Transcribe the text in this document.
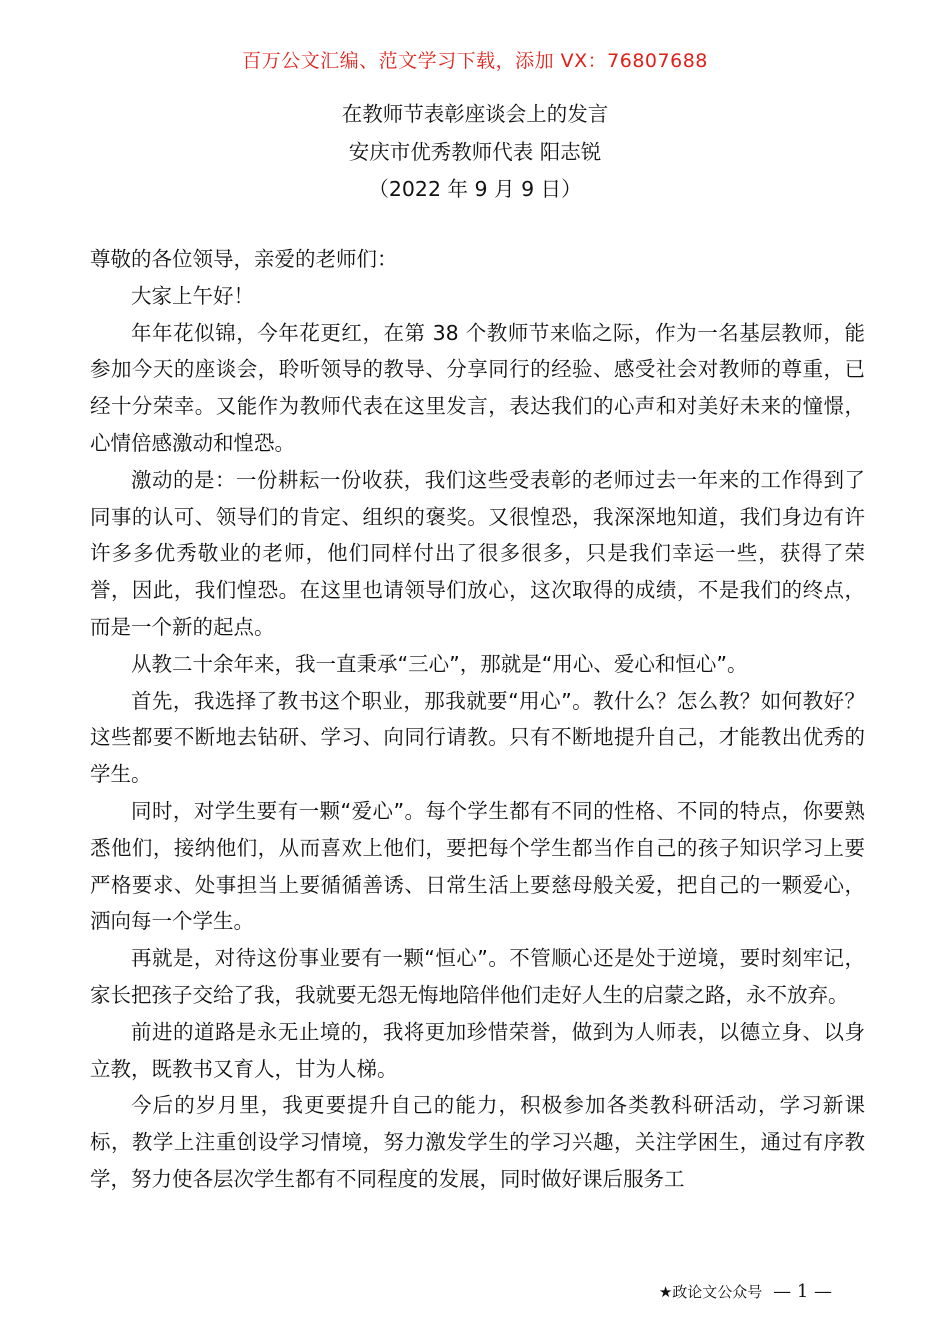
百万公文汇编、范文学习下载，添加 VX：76807688
在教师节表彰座谈会上的发言
安庆市优秀教师代表 阳志锐
（2022 年 9 月 9 日）

尊敬的各位领导，亲爱的老师们：

大家上午好！

年年花似锦，今年花更红，在第 38 个教师节来临之际，作为一名基层教师，能参加今天的座谈会，聆听领导的教导、分享同行的经验、感受社会对教师的尊重，已经十分荣幸。又能作为教师代表在这里发言，表达我们的心声和对美好未来的憧憬，心情倍感激动和惶恐。

激动的是：一份耕耘一份收获，我们这些受表彰的老师过去一年来的工作得到了同事的认可、领导们的肯定、组织的褒奖。又很惶恐，我深深地知道，我们身边有许许多多优秀敬业的老师，他们同样付出了很多很多，只是我们幸运一些，获得了荣誉，因此，我们惶恐。在这里也请领导们放心，这次取得的成绩，不是我们的终点，而是一个新的起点。

从教二十余年来，我一直秉承“三心”，那就是“用心、爱心和恒心”。

首先，我选择了教书这个职业，那我就要“用心”。教什么？怎么教？如何教好？这些都要不断地去钻研、学习、向同行请教。只有不断地提升自己，才能教出优秀的学生。

同时，对学生要有一颗“爱心”。每个学生都有不同的性格、不同的特点，你要熟悉他们，接纳他们，从而喜欢上他们，要把每个学生都当作自己的孩子知识学习上要严格要求、处事担当上要循循善诱、日常生活上要慈母般关爱，把自己的一颗爱心，洒向每一个学生。

再就是，对待这份事业要有一颗“恒心”。不管顺心还是处于逆境，要时刻牢记，家长把孩子交给了我，我就要无怨无悔地陪伴他们走好人生的启蒙之路，永不放弃。

前进的道路是永无止境的，我将更加珍惜荣誉，做到为人师表，以德立身、以身立教，既教书又育人，甘为人梯。

今后的岁月里，我更要提升自己的能力，积极参加各类教科研活动，学习新课标，教学上注重创设学习情境，努力激发学生的学习兴趣，关注学困生，通过有序教学，努力使各层次学生都有不同程度的发展，同时做好课后服务工

★政论文公众号 — 1 —
